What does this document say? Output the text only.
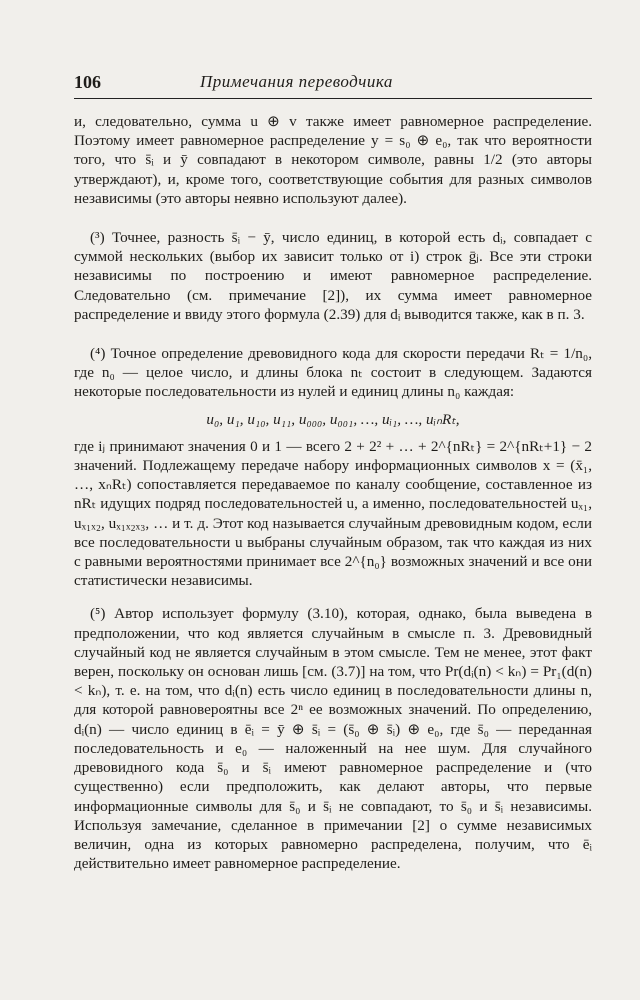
106	Примечания переводчика

и, следовательно, сумма u ⊕ v также имеет равномерное распределение. Поэтому имеет равномерное распределение y = s₀ ⊕ e₀, так что вероятности того, что s̄ᵢ и ȳ совпадают в некотором символе, равны 1/2 (это авторы утверждают), и, кроме того, соответствующие события для разных символов независимы (это авторы неявно используют далее).

(³) Точнее, разность s̄ᵢ − ȳ, число единиц, в которой есть dᵢ, совпадает с суммой нескольких (выбор их зависит только от i) строк ḡⱼ. Все эти строки независимы по построению и имеют равномерное распределение. Следовательно (см. примечание [2]), их сумма имеет равномерное распределение и ввиду этого формула (2.39) для dᵢ выводится также, как в п. 3.

(⁴) Точное определение древовидного кода для скорости передачи Rₜ = 1/n₀, где n₀ — целое число, и длины блока nₜ состоит в следующем. Задаются некоторые последовательности из нулей и единиц длины n₀ каждая:

u₀, u₁, u₁₀, u₁₁, u₀₀₀, u₀₀₁, …, uᵢ₁, …, uᵢₙRₜ,

где iⱼ принимают значения 0 и 1 — всего 2 + 2² + … + 2^{nRₜ} = 2^{nRₜ+1} − 2 значений. Подлежащему передаче набору информационных символов x = (x̄₁, …, xₙRₜ) сопоставляется передаваемое по каналу сообщение, составленное из nRₜ идущих подряд последовательностей u, а именно, последовательностей uₓ₁, uₓ₁ₓ₂, uₓ₁ₓ₂ₓ₃, … и т. д. Этот код называется случайным древовидным кодом, если все последовательности u выбраны случайным образом, так что каждая из них с равными вероятностями принимает все 2^{n₀} возможных значений и все они статистически независимы.

(⁵) Автор использует формулу (3.10), которая, однако, была выведена в предположении, что код является случайным в смысле п. 3. Древовидный случайный код не является случайным в этом смысле. Тем не менее, этот факт верен, поскольку он основан лишь [см. (3.7)] на том, что Pr(dᵢ(n) < kₙ) = Pr₁(d(n) < kₙ), т. е. на том, что dᵢ(n) есть число единиц в последовательности длины n, для которой равновероятны все 2ⁿ ее возможных значений. По определению, dᵢ(n) — число единиц в ēᵢ = ȳ ⊕ s̄ᵢ = (s̄₀ ⊕ s̄ᵢ) ⊕ e₀, где s̄₀ — переданная последовательность и e₀ — наложенный на нее шум. Для случайного древовидного кода s̄₀ и s̄ᵢ имеют равномерное распределение и (что существенно) если предположить, как делают авторы, что первые информационные символы для s̄₀ и s̄ᵢ не совпадают, то s̄₀ и s̄ᵢ независимы. Используя замечание, сделанное в примечании [2] о сумме независимых величин, одна из которых равномерно распределена, получим, что ēᵢ действительно имеет равномерное распределение.
